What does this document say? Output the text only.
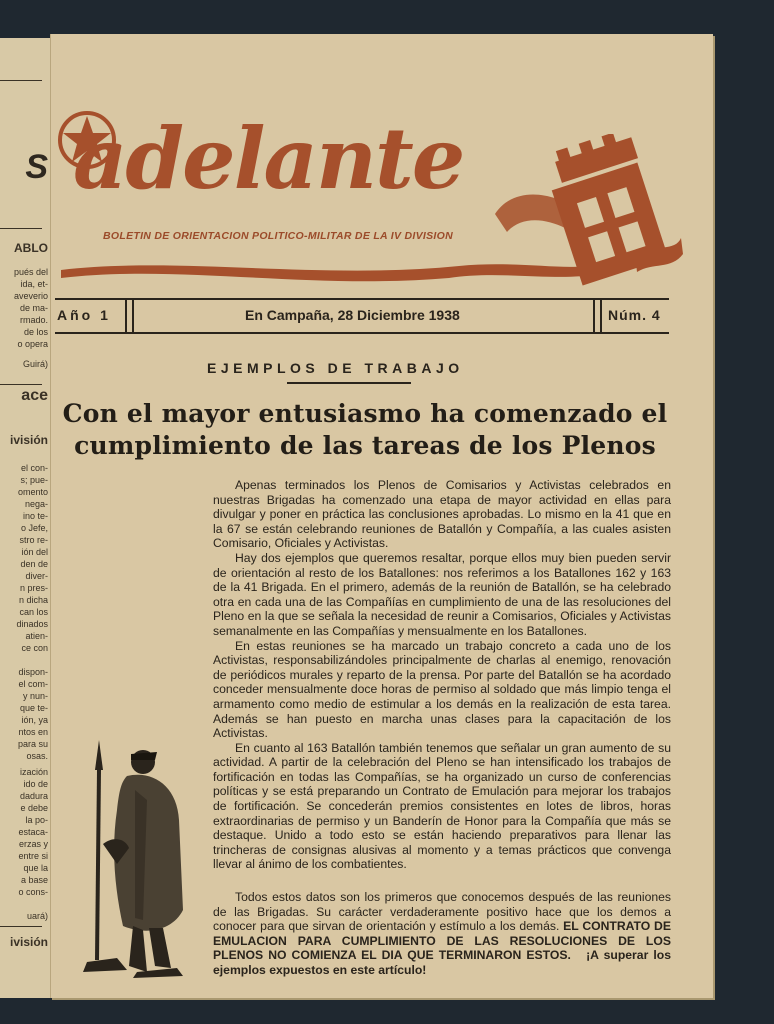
S
ABLO
pués del
ida, et-
aveverio
de ma-
rmado.
de los
o opera
Guirá)
ace
ivisión
el con-
s; pue-
omento
nega-
ino te-
o Jefe,
stro re-
ión del
den de
diver-
n pres-
n dicha
can los
dinados
atien-
ce con
dispon-
el com-
y nun-
que te-
ión, ya
ntos en
para su
osas.
ización
ido de
dadura
e debe
la po-
estaca-
erzas y
entre si
que la
a base
o cons-
uará)
ivisión
adelante
BOLETIN DE ORIENTACION POLITICO-MILITAR DE LA IV DIVISION
Año 1	En Campaña, 28 Diciembre 1938	Núm. 4
EJEMPLOS DE TRABAJO
Con el mayor entusiasmo ha comenzado el cumplimiento de las tareas de los Plenos

Apenas terminados los Plenos de Comisarios y Activistas celebrados en nuestras Brigadas ha comenzado una etapa de mayor actividad en ellas para divulgar y poner en práctica las conclusiones aprobadas. Lo mismo en la 41 que en la 67 se están celebrando reuniones de Batallón y Compañía, a las cuales asisten Comisario, Oficiales y Activistas.

Hay dos ejemplos que queremos resaltar, porque ellos muy bien pueden servir de orientación al resto de los Batallones: nos referimos a los Batallones 162 y 163 de la 41 Brigada. En el primero, además de la reunión de Batallón, se ha celebrado otra en cada una de las Compañías en cumplimiento de una de las resoluciones del Pleno en la que se señala la necesidad de reunir a Comisarios, Oficiales y Activistas semanalmente en las Compañías y mensualmente en los Batallones.

En estas reuniones se ha marcado un trabajo concreto a cada uno de los Activistas, responsabilizándoles principalmente de charlas al enemigo, renovación de periódicos murales y reparto de la prensa. Por parte del Batallón se ha acordado conceder mensualmente doce horas de permiso al soldado que más limpio tenga el armamento como medio de estimular a los demás en la realización de esta tarea. Además se han puesto en marcha unas clases para la capacitación de los Activistas.

En cuanto al 163 Batallón también tenemos que señalar un gran aumento de su actividad. A partir de la celebración del Pleno se han intensificado los trabajos de fortificación en todas las Compañías, se ha organizado un curso de conferencias políticas y se está preparando un Contrato de Emulación para mejorar los trabajos de fortificación. Se concederán premios consistentes en lotes de libros, horas extraordinarias de permiso y un Banderín de Honor para la Compañía que más se destaque. Unido a todo esto se están haciendo preparativos para llenar las trincheras de consignas alusivas al momento y a temas prácticos que convenga llevar al ánimo de los combatientes.

Todos estos datos son los primeros que conocemos después de las reuniones de las Brigadas. Su carácter verdaderamente positivo hace que los demos a conocer para que sirvan de orientación y estímulo a los demás. EL CONTRATO DE EMULACION PARA CUMPLIMIENTO DE LAS RESOLUCIONES DE LOS PLENOS NO COMIENZA EL DIA QUE TERMINARON ESTOS. ¡A superar los ejemplos expuestos en este artículo!
